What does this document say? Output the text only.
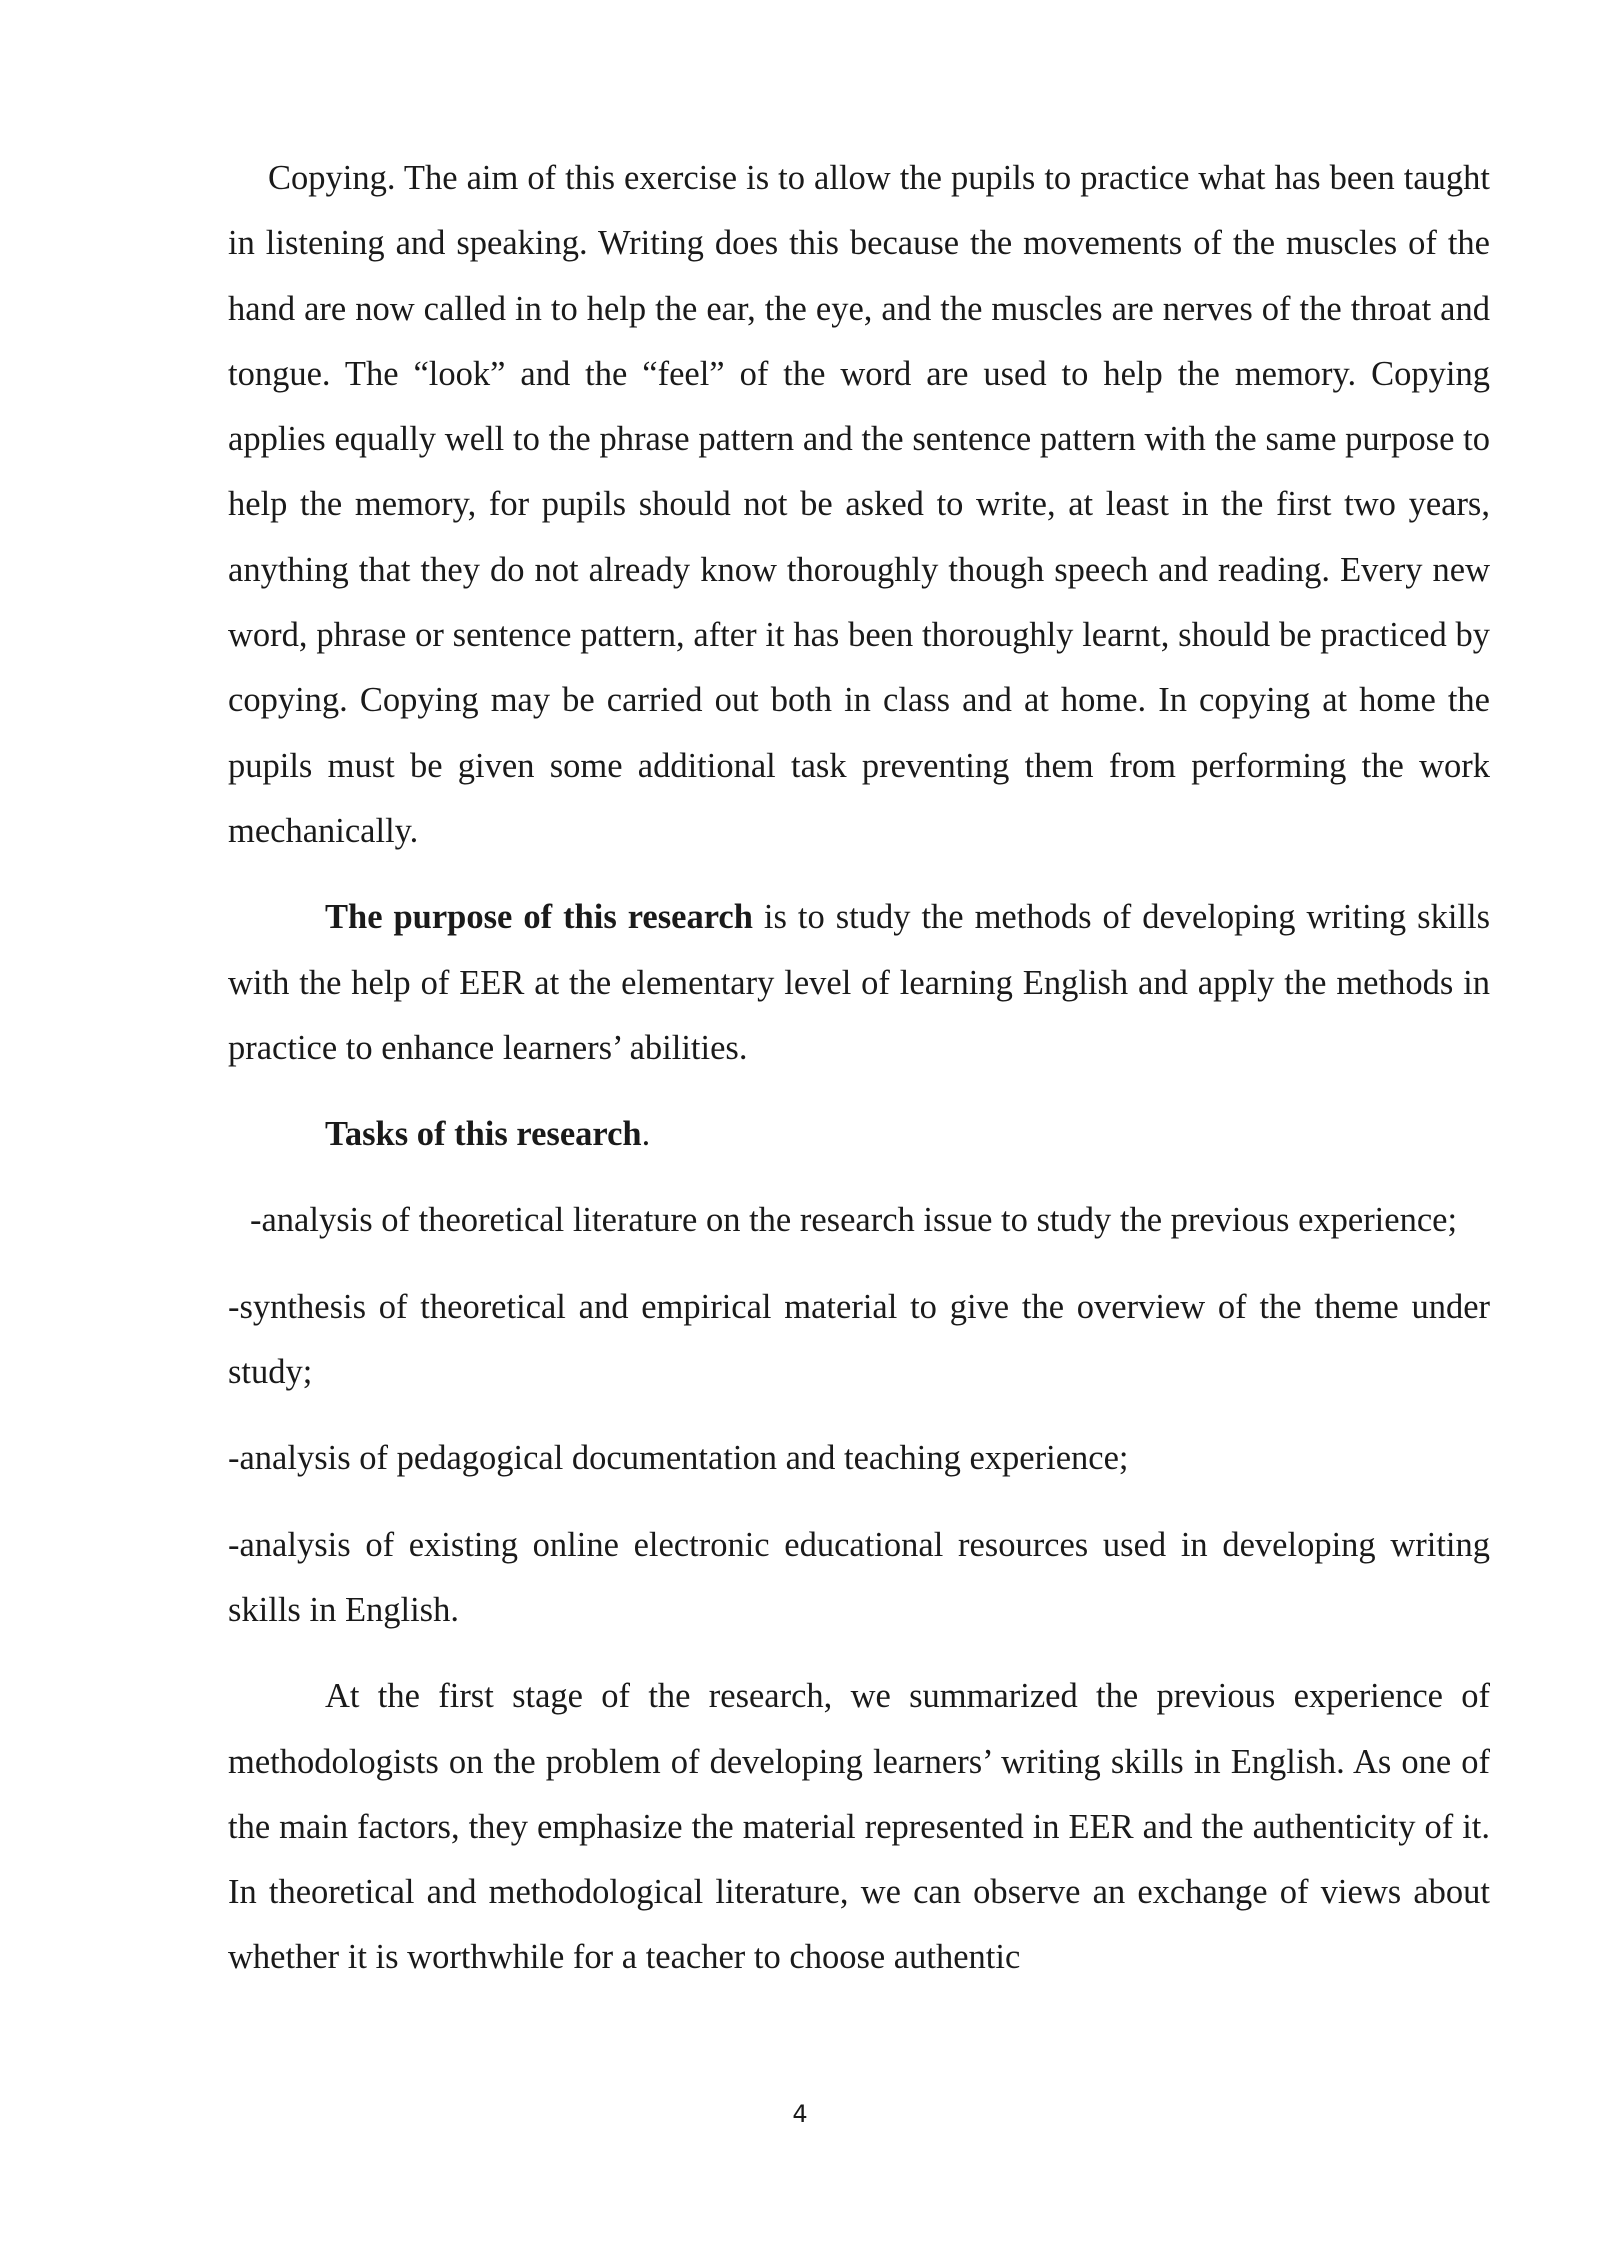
Copying. The aim of this exercise is to allow the pupils to practice what has been taught in listening and speaking. Writing does this because the movements of the muscles of the hand are now called in to help the ear, the eye, and the muscles are nerves of the throat and tongue. The “look” and the “feel” of the word are used to help the memory. Copying applies equally well to the phrase pattern and the sentence pattern with the same purpose to help the memory, for pupils should not be asked to write, at least in the first two years, anything that they do not already know thoroughly though speech and reading. Every new word, phrase or sentence pattern, after it has been thoroughly learnt, should be practiced by copying. Copying may be carried out both in class and at home. In copying at home the pupils must be given some additional task preventing them from performing the work mechanically.

The purpose of this research is to study the methods of developing writing skills with the help of EER at the elementary level of learning English and apply the methods in practice to enhance learners’ abilities.

Tasks of this research.

-analysis of theoretical literature on the research issue to study the previous experience;

-synthesis of theoretical and empirical material to give the overview of the theme under study;

-analysis of pedagogical documentation and teaching experience;

-analysis of existing online electronic educational resources used in developing writing skills in English.

At the first stage of the research, we summarized the previous experience of methodologists on the problem of developing learners’ writing skills in English. As one of the main factors, they emphasize the material represented in EER and the authenticity of it. In theoretical and methodological literature, we can observe an exchange of views about whether it is worthwhile for a teacher to choose authentic

4
